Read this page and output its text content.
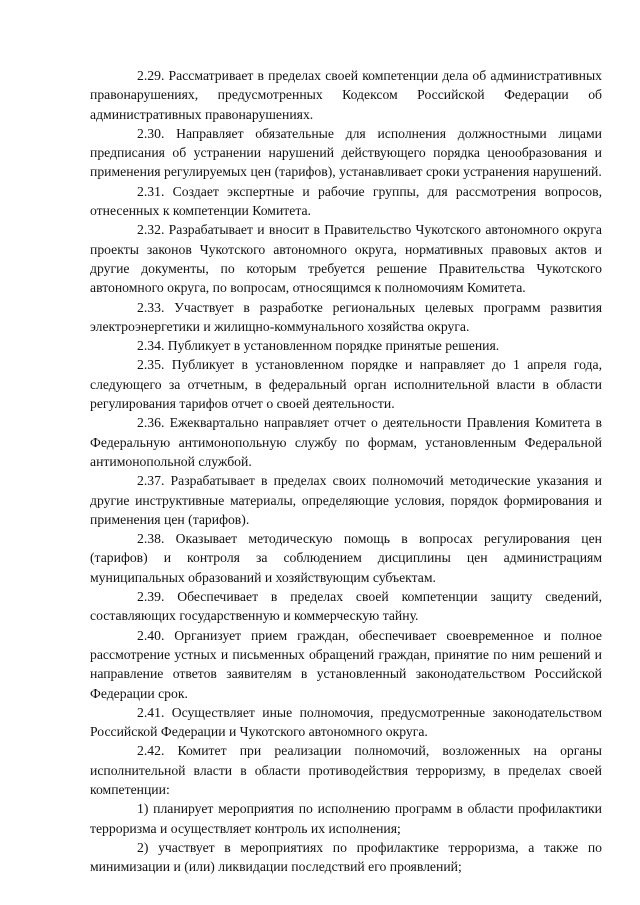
2.29. Рассматривает в пределах своей компетенции дела об административных правонарушениях, предусмотренных Кодексом Российской Федерации об административных правонарушениях.

2.30. Направляет обязательные для исполнения должностными лицами предписания об устранении нарушений действующего порядка ценообразования и применения регулируемых цен (тарифов), устанавливает сроки устранения нарушений.

2.31. Создает экспертные и рабочие группы, для рассмотрения вопросов, отнесенных к компетенции Комитета.

2.32. Разрабатывает и вносит в Правительство Чукотского автономного округа проекты законов Чукотского автономного округа, нормативных правовых актов и другие документы, по которым требуется решение Правительства Чукотского автономного округа, по вопросам, относящимся к полномочиям Комитета.

2.33. Участвует в разработке региональных целевых программ развития электроэнергетики и жилищно-коммунального хозяйства округа.

2.34. Публикует в установленном порядке принятые решения.

2.35. Публикует в установленном порядке и направляет до 1 апреля года, следующего за отчетным, в федеральный орган исполнительной власти в области регулирования тарифов отчет о своей деятельности.

2.36. Ежеквартально направляет отчет о деятельности Правления Комитета в Федеральную антимонопольную службу по формам, установленным Федеральной антимонопольной службой.

2.37. Разрабатывает в пределах своих полномочий методические указания и другие инструктивные материалы, определяющие условия, порядок формирования и применения цен (тарифов).

2.38. Оказывает методическую помощь в вопросах регулирования цен (тарифов) и контроля за соблюдением дисциплины цен администрациям муниципальных образований и хозяйствующим субъектам.

2.39. Обеспечивает в пределах своей компетенции защиту сведений, составляющих государственную и коммерческую тайну.

2.40. Организует прием граждан, обеспечивает своевременное и полное рассмотрение устных и письменных обращений граждан, принятие по ним решений и направление ответов заявителям в установленный законодательством Российской Федерации срок.

2.41. Осуществляет иные полномочия, предусмотренные законодательством Российской Федерации и Чукотского автономного округа.

2.42. Комитет при реализации полномочий, возложенных на органы исполнительной власти в области противодействия терроризму, в пределах своей компетенции:

1) планирует мероприятия по исполнению программ в области профилактики терроризма и осуществляет контроль их исполнения;

2) участвует в мероприятиях по профилактике терроризма, а также по минимизации и (или) ликвидации последствий его проявлений;
